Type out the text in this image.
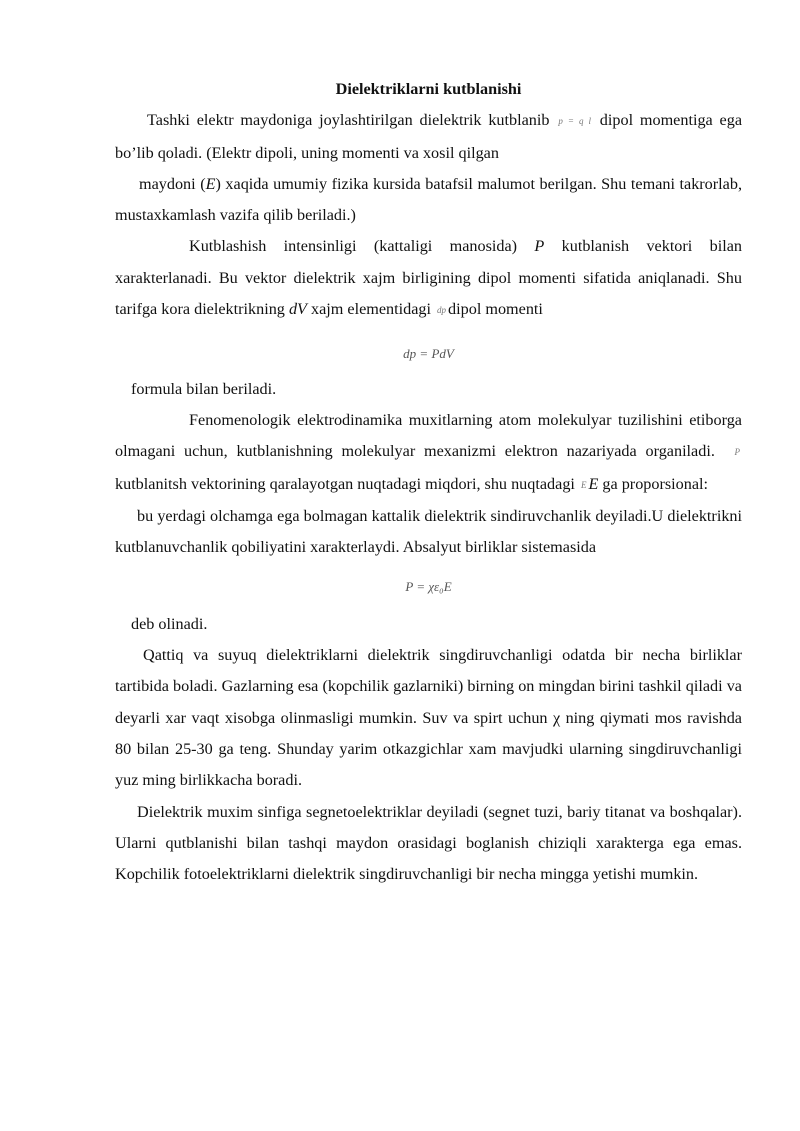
Dielektriklarni kutblanishi

Tashki elektr maydoniga joylashtirilgan dielektrik kutblanib p = q l dipol momentiga ega bo’lib qoladi. (Elektr dipoli, uning momenti va xosil qilgan

maydoni (E) xaqida umumiy fizika kursida batafsil malumot berilgan. Shu temani takrorlab, mustaxkamlash vazifa qilib beriladi.)

Kutblashish intensinligi (kattaligi manosida) P kutblanish vektori bilan xarakterlanadi. Bu vektor dielektrik xajm birligining dipol momenti sifatida aniqlanadi. Shu tarifga kora dielektrikning dV xajm elementidagi dp dipol momenti

dp = PdV

formula bilan beriladi.

Fenomenologik elektrodinamika muxitlarning atom molekulyar tuzilishini etiborga olmagani uchun, kutblanishning molekulyar mexanizmi elektron nazariyada organiladi. P kutblanitsh vektorining qaralayotgan nuqtadagi miqdori, shu nuqtadagi E E ga proporsional:

bu yerdagi olchamga ega bolmagan kattalik dielektrik sindiruvchanlik deyiladi.U dielektrikni kutblanuvchanlik qobiliyatini xarakterlaydi. Absalyut birliklar sistemasida

P = χε₀E

deb olinadi.

Qattiq va suyuq dielektriklarni dielektrik singdiruvchanligi odatda bir necha birliklar tartibida boladi. Gazlarning esa (kopchilik gazlarniki) birning on mingdan birini tashkil qiladi va deyarli xar vaqt xisobga olinmasligi mumkin. Suv va spirt uchun χ ning qiymati mos ravishda 80 bilan 25-30 ga teng. Shunday yarim otkazgichlar xam mavjudki ularning singdiruvchanligi yuz ming birlikkacha boradi.

Dielektrik muxim sinfiga segnetoelektriklar deyiladi (segnet tuzi, bariy titanat va boshqalar). Ularni qutblanishi bilan tashqi maydon orasidagi boglanish chiziqli xarakterga ega emas. Kopchilik fotoelektriklarni dielektrik singdiruvchanligi bir necha mingga yetishi mumkin.
